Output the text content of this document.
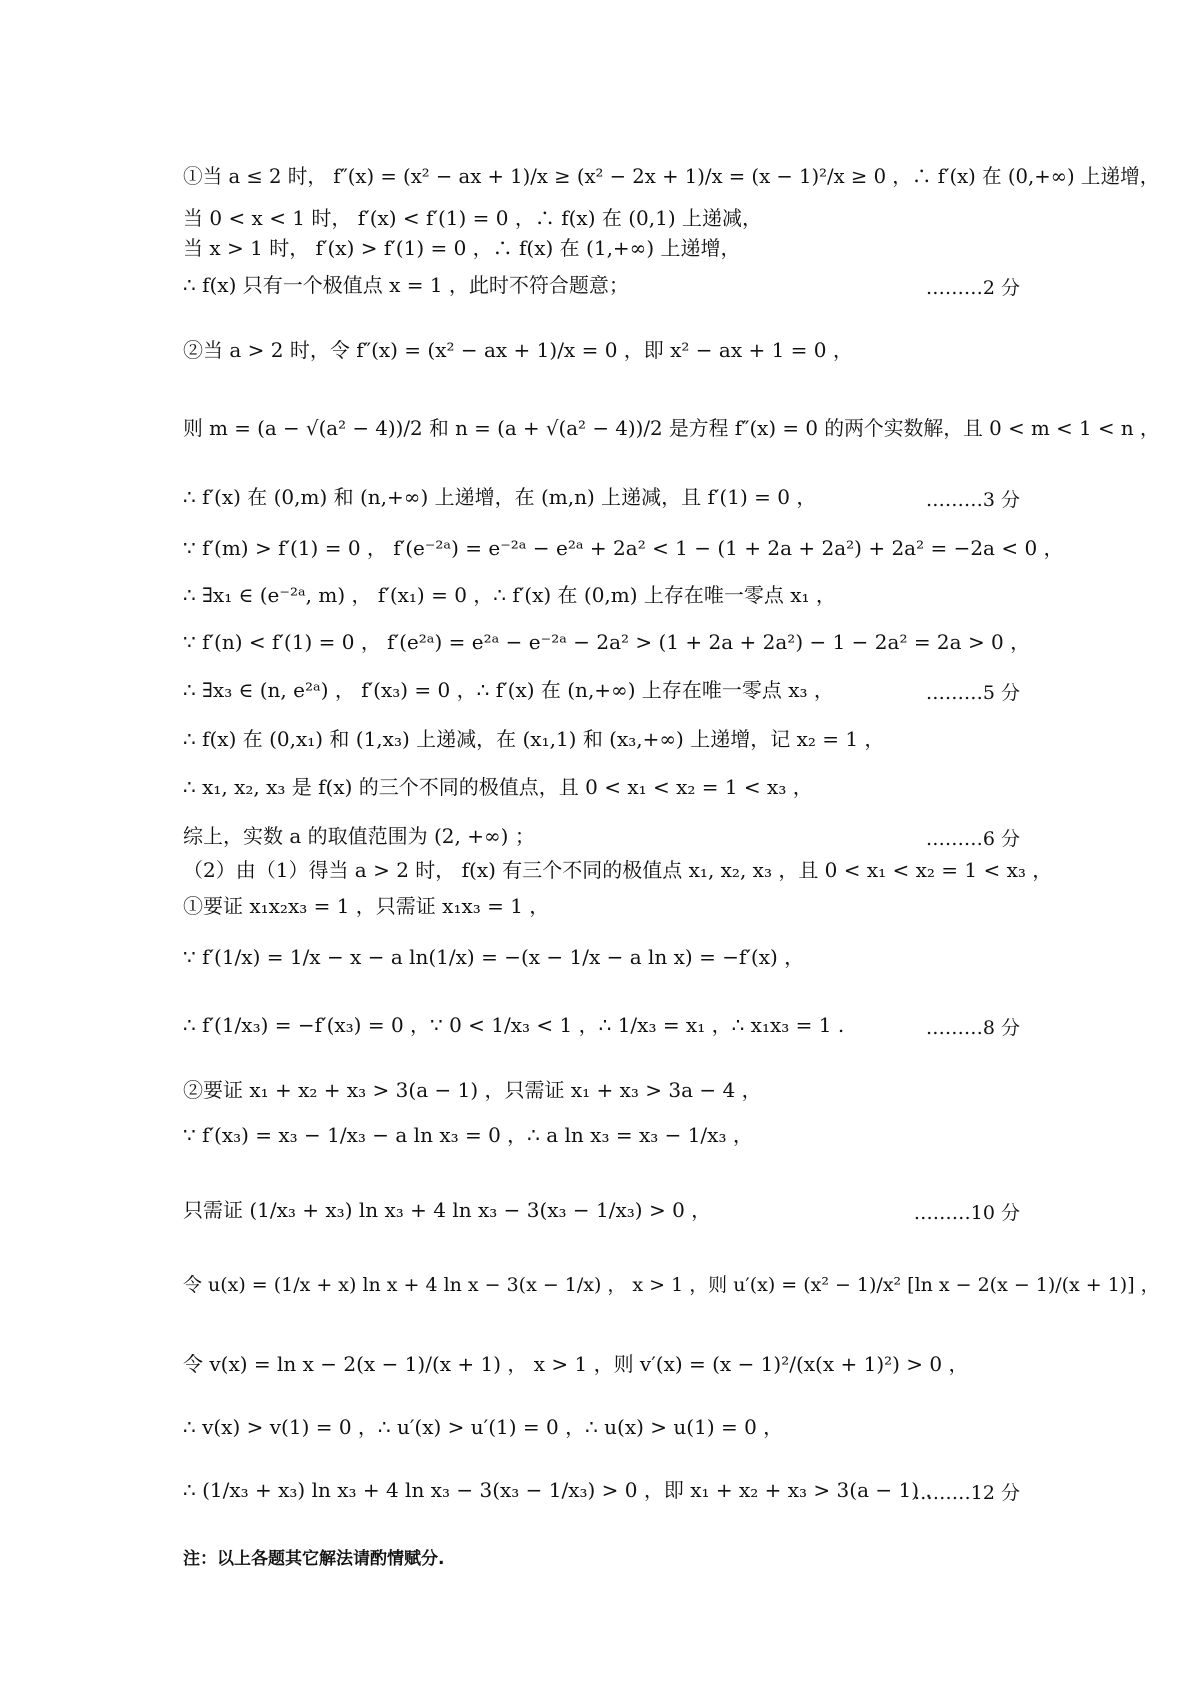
①当 a ≤ 2 时， f″(x) = (x² − ax + 1)/x ≥ (x² − 2x + 1)/x = (x − 1)²/x ≥ 0 ，∴ f′(x) 在 (0,+∞) 上递增，
当 0 < x < 1 时， f′(x) < f′(1) = 0 ，∴ f(x) 在 (0,1) 上递减，
当 x > 1 时， f′(x) > f′(1) = 0 ，∴ f(x) 在 (1,+∞) 上递增，
∴ f(x) 只有一个极值点 x = 1 ，此时不符合题意；	………2 分
②当 a > 2 时，令 f″(x) = (x² − ax + 1)/x = 0 ，即 x² − ax + 1 = 0 ，
则 m = (a − √(a² − 4))/2 和 n = (a + √(a² − 4))/2 是方程 f″(x) = 0 的两个实数解，且 0 < m < 1 < n ，
∴ f′(x) 在 (0,m) 和 (n,+∞) 上递增，在 (m,n) 上递减，且 f′(1) = 0 ，	………3 分
∵ f′(m) > f′(1) = 0 ， f′(e⁻²ᵃ) = e⁻²ᵃ − e²ᵃ + 2a² < 1 − (1 + 2a + 2a²) + 2a² = −2a < 0 ，
∴ ∃x₁ ∈ (e⁻²ᵃ, m) ， f′(x₁) = 0 ，∴ f′(x) 在 (0,m) 上存在唯一零点 x₁ ，
∵ f′(n) < f′(1) = 0 ， f′(e²ᵃ) = e²ᵃ − e⁻²ᵃ − 2a² > (1 + 2a + 2a²) − 1 − 2a² = 2a > 0 ，
∴ ∃x₃ ∈ (n, e²ᵃ) ， f′(x₃) = 0 ，∴ f′(x) 在 (n,+∞) 上存在唯一零点 x₃ ，	………5 分
∴ f(x) 在 (0,x₁) 和 (1,x₃) 上递减，在 (x₁,1) 和 (x₃,+∞) 上递增，记 x₂ = 1 ，
∴ x₁, x₂, x₃ 是 f(x) 的三个不同的极值点，且 0 < x₁ < x₂ = 1 < x₃ ，
综上，实数 a 的取值范围为 (2, +∞) ；	………6 分
（2）由（1）得当 a > 2 时， f(x) 有三个不同的极值点 x₁, x₂, x₃ ，且 0 < x₁ < x₂ = 1 < x₃ ，
①要证 x₁x₂x₃ = 1 ，只需证 x₁x₃ = 1 ，
∵ f′(1/x) = 1/x − x − a ln(1/x) = −(x − 1/x − a ln x) = −f′(x) ，
∴ f′(1/x₃) = −f′(x₃) = 0 ，∵ 0 < 1/x₃ < 1 ，∴ 1/x₃ = x₁ ，∴ x₁x₃ = 1 .	………8 分
②要证 x₁ + x₂ + x₃ > 3(a − 1) ，只需证 x₁ + x₃ > 3a − 4 ，
∵ f′(x₃) = x₃ − 1/x₃ − a ln x₃ = 0 ，∴ a ln x₃ = x₃ − 1/x₃ ，
只需证 (1/x₃ + x₃) ln x₃ + 4 ln x₃ − 3(x₃ − 1/x₃) > 0 ，	………10 分
令 u(x) = (1/x + x) ln x + 4 ln x − 3(x − 1/x) ， x > 1 ，则 u′(x) = (x² − 1)/x² [ln x − 2(x − 1)/(x + 1)] ，
令 v(x) = ln x − 2(x − 1)/(x + 1) ， x > 1 ，则 v′(x) = (x − 1)²/(x(x + 1)²) > 0 ，
∴ v(x) > v(1) = 0 ，∴ u′(x) > u′(1) = 0 ，∴ u(x) > u(1) = 0 ，
∴ (1/x₃ + x₃) ln x₃ + 4 ln x₃ − 3(x₃ − 1/x₃) > 0 ，即 x₁ + x₂ + x₃ > 3(a − 1) .
………12 分
注：以上各题其它解法请酌情赋分.
